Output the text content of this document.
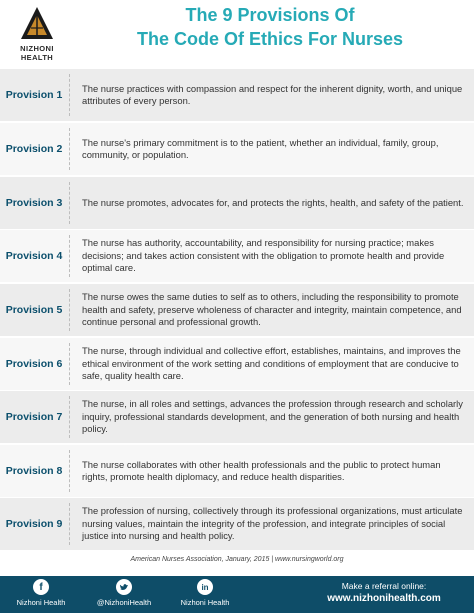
NIZHONI HEALTH
The 9 Provisions Of
The Code Of Ethics For Nurses
Provision 1
The nurse practices with compassion and respect for the inherent dignity, worth, and unique attributes of every person.
Provision 2
The nurse's primary commitment is to the patient, whether an individual, family, group, community, or population.
Provision 3	The nurse promotes, advocates for, and protects the rights, health, and safety of the patient.
Provision 4
The nurse has authority, accountability, and responsibility for nursing practice; makes decisions; and takes action consistent with the obligation to promote health and provide optimal care.
Provision 5
The nurse owes the same duties to self as to others, including the responsibility to promote health and safety, preserve wholeness of character and integrity, maintain competence, and continue personal and professional growth.
Provision 6
The nurse, through individual and collective effort, establishes, maintains, and improves the ethical environment of the work setting and conditions of employment that are conducive to safe, quality health care.
Provision 7
The nurse, in all roles and settings, advances the profession through research and scholarly inquiry, professional standards development, and the generation of both nursing and health policy.
Provision 8
The nurse collaborates with other health professionals and the public to protect human rights, promote health diplomacy, and reduce health disparities.
Provision 9
The profession of nursing, collectively through its professional organizations, must articulate nursing values, maintain the integrity of the profession, and integrate principles of social justice into nursing and health policy.
American Nurses Association, January, 2015 | www.nursingworld.org
f
Nizhoni Health	@NizhoniHealth
in
Nizhoni Health
Make a referral online:
www.nizhonihealth.com
